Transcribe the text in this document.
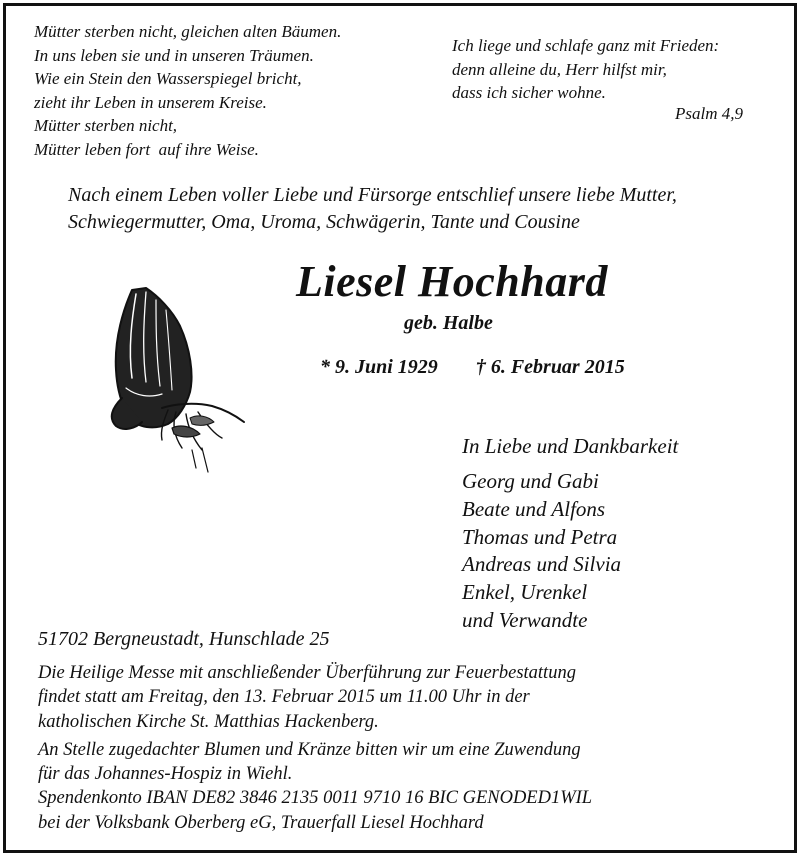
Mütter sterben nicht, gleichen alten Bäumen.
In uns leben sie und in unseren Träumen.
Wie ein Stein den Wasserspiegel bricht,
zieht ihr Leben in unserem Kreise.
Mütter sterben nicht,
Mütter leben fort  auf ihre Weise.
Ich liege und schlafe ganz mit Frieden:
denn alleine du, Herr hilfst mir,
dass ich sicher wohne.
Psalm 4,9
Nach einem Leben voller Liebe und Fürsorge entschlief unsere liebe Mutter,
Schwiegermutter, Oma, Uroma, Schwägerin, Tante und Cousine
Liesel Hochhard
geb. Halbe
* 9. Juni 1929 † 6. Februar 2015
In Liebe und Dankbarkeit
Georg und Gabi
Beate und Alfons
Thomas und Petra
Andreas und Silvia
Enkel, Urenkel
und Verwandte
51702 Bergneustadt, Hunschlade 25
Die Heilige Messe mit anschließender Überführung zur Feuerbestattung
findet statt am Freitag, den 13. Februar 2015 um 11.00 Uhr in der
katholischen Kirche St. Matthias Hackenberg.
An Stelle zugedachter Blumen und Kränze bitten wir um eine Zuwendung
für das Johannes-Hospiz in Wiehl.
Spendenkonto IBAN DE82 3846 2135 0011 9710 16 BIC GENODED1WIL
bei der Volksbank Oberberg eG, Trauerfall Liesel Hochhard
